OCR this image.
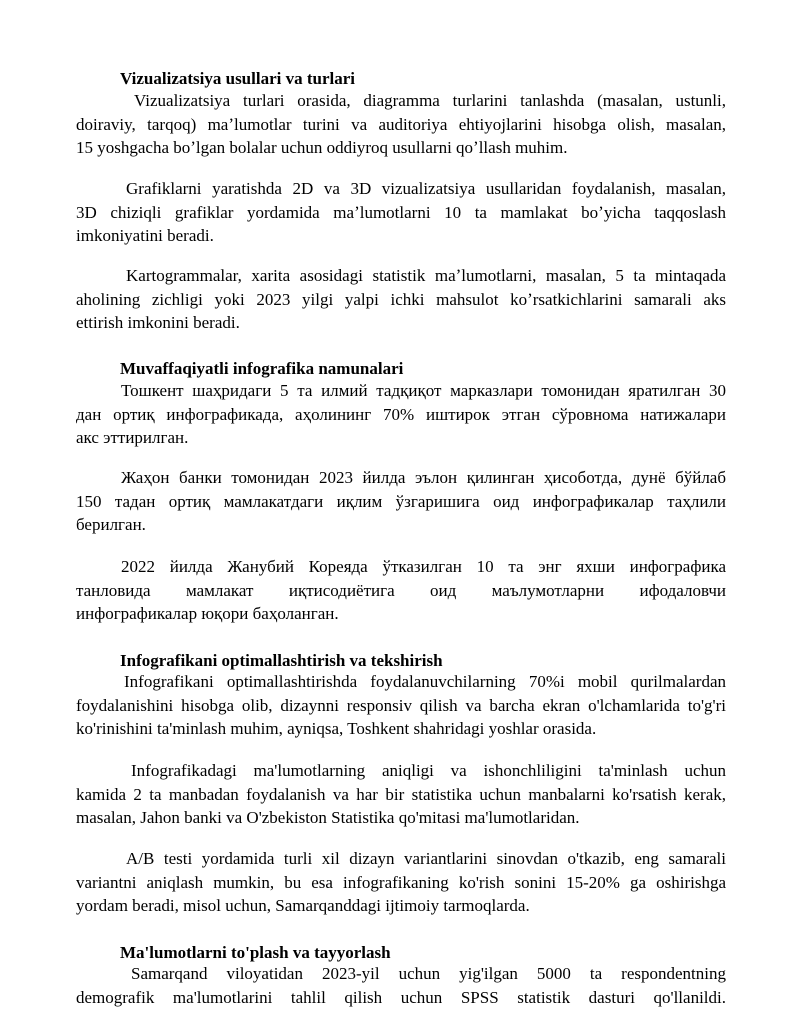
Vizualizatsiya usullari va turlari
Vizualizatsiya turlari orasida, diagramma turlarini tanlashda (masalan, ustunli,
doiraviy, tarqoq) maʼlumotlar turini va auditoriya ehtiyojlarini hisobga olish, masalan,
15 yoshgacha boʼlgan bolalar uchun oddiyroq usullarni qoʼllash muhim.
Grafiklarni yaratishda 2D va 3D vizualizatsiya usullaridan foydalanish, masalan,
3D chiziqli grafiklar yordamida maʼlumotlarni 10 ta mamlakat boʼyicha taqqoslash
imkoniyatini beradi.
Kartogrammalar, xarita asosidagi statistik maʼlumotlarni, masalan, 5 ta mintaqada
aholining zichligi yoki 2023 yilgi yalpi ichki mahsulot koʼrsatkichlarini samarali aks
ettirish imkonini beradi.
Muvaffaqiyatli infografika namunalari
Тошкент шаҳридаги 5 та илмий тадқиқот марказлари томонидан яратилган 30
дан ортиқ инфографикада, аҳолининг 70% иштирок этган сўровнома натижалари
акс эттирилган.
Жаҳон банки томонидан 2023 йилда эълон қилинган ҳисоботда, дунё бўйлаб
150 тадан ортиқ мамлакатдаги иқлим ўзгаришига оид инфографикалар таҳлили
берилган.
2022 йилда Жанубий Кореяда ўтказилган 10 та энг яхши инфографика
танловида мамлакат иқтисодиётига оид маълумотларни ифодаловчи
инфографикалар юқори баҳоланган.
Infografikani optimallashtirish va tekshirish
Infografikani optimallashtirishda foydalanuvchilarning 70%i mobil qurilmalardan
foydalanishini hisobga olib, dizaynni responsiv qilish va barcha ekran o'lchamlarida to'g'ri
ko'rinishini ta'minlash muhim, ayniqsa, Toshkent shahridagi yoshlar orasida.
Infografikadagi ma'lumotlarning aniqligi va ishonchliligini ta'minlash uchun
kamida 2 ta manbadan foydalanish va har bir statistika uchun manbalarni ko'rsatish kerak,
masalan, Jahon banki va O'zbekiston Statistika qo'mitasi ma'lumotlaridan.
A/B testi yordamida turli xil dizayn variantlarini sinovdan o'tkazib, eng samarali
variantni aniqlash mumkin, bu esa infografikaning ko'rish sonini 15-20% ga oshirishga
yordam beradi, misol uchun, Samarqanddagi ijtimoiy tarmoqlarda.
Ma'lumotlarni to'plash va tayyorlash
Samarqand viloyatidan 2023-yil uchun yig'ilgan 5000 ta respondentning
demografik ma'lumotlarini tahlil qilish uchun SPSS statistik dasturi qo'llanildi.
